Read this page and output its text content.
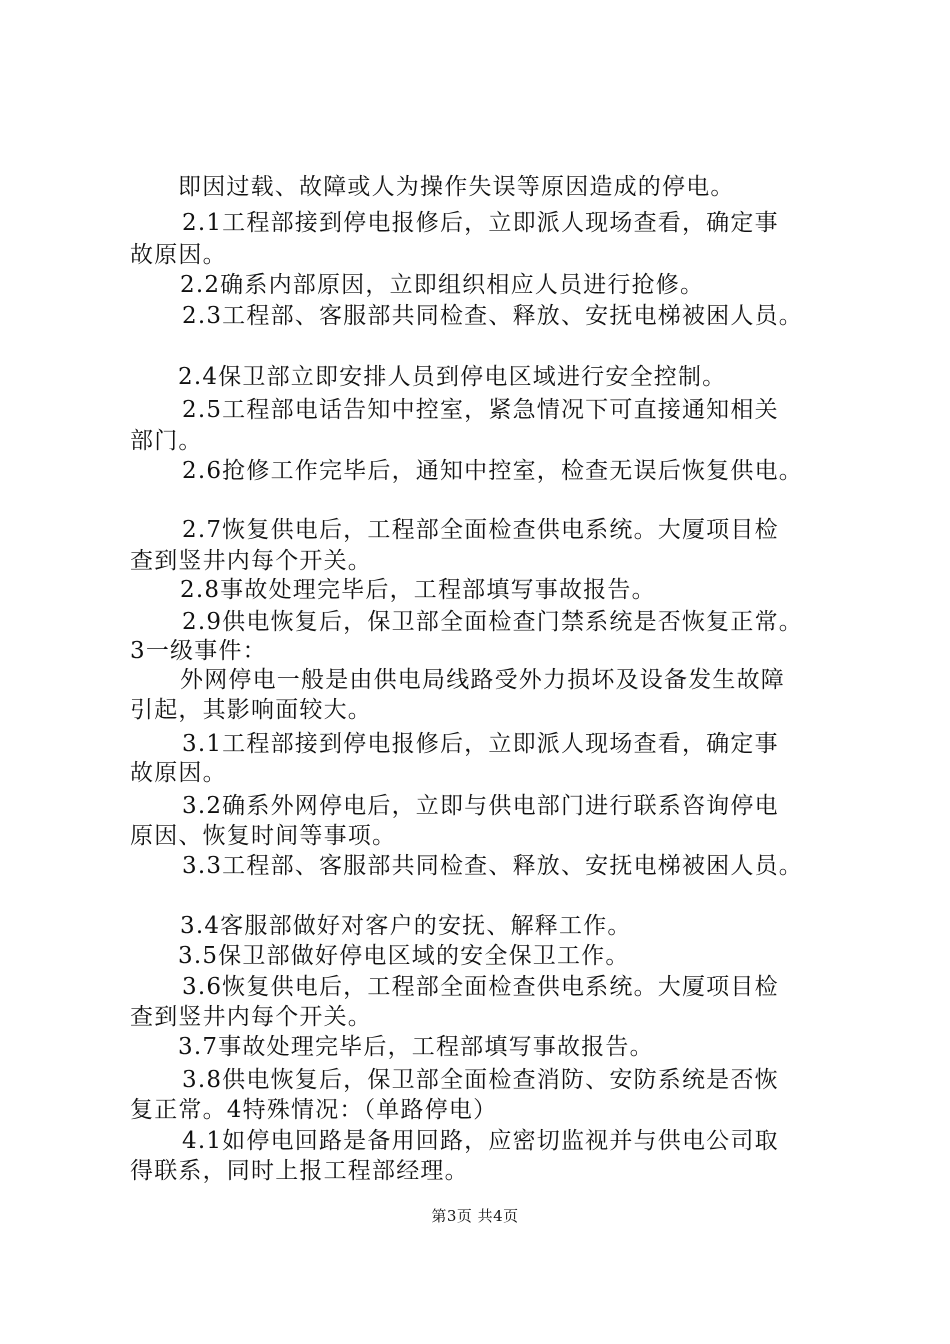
即因过载、故障或人为操作失误等原因造成的停电。
2.1工程部接到停电报修后，立即派人现场查看，确定事
故原因。
2.2确系内部原因，立即组织相应人员进行抢修。
2.3工程部、客服部共同检查、释放、安抚电梯被困人员。
2.4保卫部立即安排人员到停电区域进行安全控制。
2.5工程部电话告知中控室，紧急情况下可直接通知相关
部门。
2.6抢修工作完毕后，通知中控室，检查无误后恢复供电。
2.7恢复供电后，工程部全面检查供电系统。大厦项目检
查到竖井内每个开关。
2.8事故处理完毕后，工程部填写事故报告。
2.9供电恢复后，保卫部全面检查门禁系统是否恢复正常。
3一级事件：
外网停电一般是由供电局线路受外力损坏及设备发生故障
引起，其影响面较大。
3.1工程部接到停电报修后，立即派人现场查看，确定事
故原因。
3.2确系外网停电后，立即与供电部门进行联系咨询停电
原因、恢复时间等事项。
3.3工程部、客服部共同检查、释放、安抚电梯被困人员。
3.4客服部做好对客户的安抚、解释工作。
3.5保卫部做好停电区域的安全保卫工作。
3.6恢复供电后，工程部全面检查供电系统。大厦项目检
查到竖井内每个开关。
3.7事故处理完毕后，工程部填写事故报告。
3.8供电恢复后，保卫部全面检查消防、安防系统是否恢
复正常。4特殊情况：（单路停电）
4.1如停电回路是备用回路，应密切监视并与供电公司取
得联系，同时上报工程部经理。
第3页 共4页
